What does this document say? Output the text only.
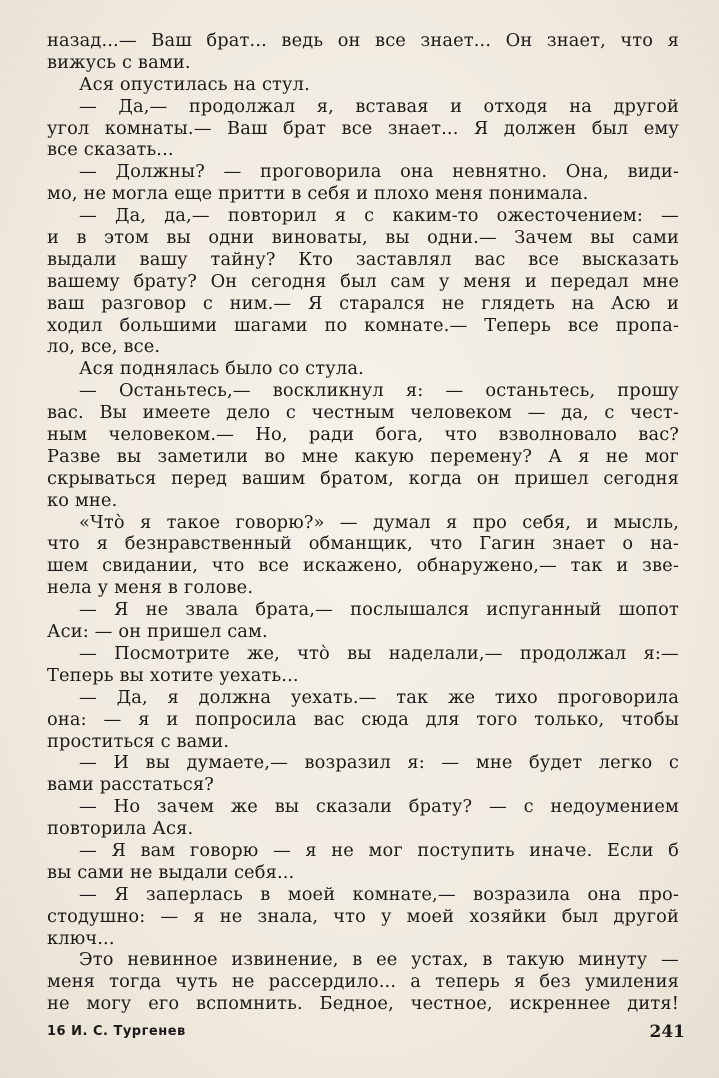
назад...— Ваш брат... ведь он все знает... Он знает, что я
вижусь с вами.
Ася опустилась на стул.
— Да,— продолжал я, вставая и отходя на другой
угол комнаты.— Ваш брат все знает... Я должен был ему
все сказать...
— Должны? — проговорила она невнятно. Она, види-
мо, не могла еще притти в себя и плохо меня понимала.
— Да, да,— повторил я с каким-то ожесточением: —
и в этом вы одни виноваты, вы одни.— Зачем вы сами
выдали вашу тайну? Кто заставлял вас все высказать
вашему брату? Он сегодня был сам у меня и передал мне
ваш разговор с ним.— Я старался не глядеть на Асю и
ходил большими шагами по комнате.— Теперь все пропа-
ло, все, все.
Ася поднялась было со стула.
— Останьтесь,— воскликнул я: — останьтесь, прошу
вас. Вы имеете дело с честным человеком — да, с чест-
ным человеком.— Но, ради бога, что взволновало вас?
Разве вы заметили во мне какую перемену? А я не мог
скрываться перед вашим братом, когда он пришел сегодня
ко мне.
«Что̀ я такое говорю?» — думал я про себя, и мысль,
что я безнравственный обманщик, что Гагин знает о на-
шем свидании, что все искажено, обнаружено,— так и зве-
нела у меня в голове.
— Я не звала брата,— послышался испуганный шопот
Аси: — он пришел сам.
— Посмотрите же, что̀ вы наделали,— продолжал я:—
Теперь вы хотите уехать...
— Да, я должна уехать.— так же тихо проговорила
она: — я и попросила вас сюда для того только, чтобы
проститься с вами.
— И вы думаете,— возразил я: — мне будет легко с
вами расстаться?
— Но зачем же вы сказали брату? — с недоумением
повторила Ася.
— Я вам говорю — я не мог поступить иначе. Если б
вы сами не выдали себя...
— Я заперлась в моей комнате,— возразила она про-
стодушно: — я не знала, что у моей хозяйки был другой
ключ...
Это невинное извинение, в ее устах, в такую минуту —
меня тогда чуть не рассердило... а теперь я без умиления
не могу его вспомнить. Бедное, честное, искреннее дитя!
16 И. С. Тургенев	241
